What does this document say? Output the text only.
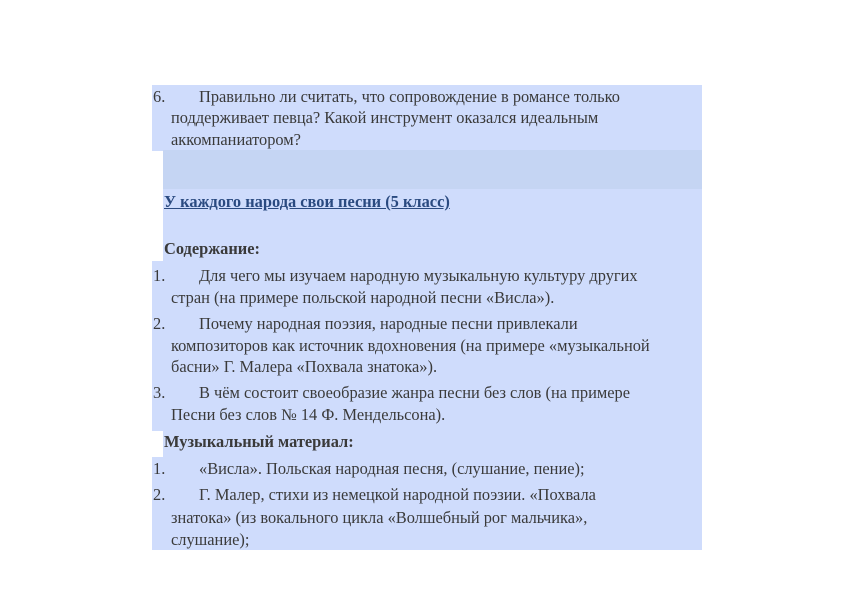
6. Правильно ли считать, что сопровождение в романсе только
поддерживает певца? Какой инструмент оказался идеальным
аккомпаниатором?
У каждого народа свои песни (5 класс)
Содержание:
1. Для чего мы изучаем народную музыкальную культуру других
стран (на примере польской народной песни «Висла»).
2. Почему народная поэзия, народные песни привлекали
композиторов как источник вдохновения (на примере «музыкальной
басни» Г. Малера «Похвала знатока»).
3. В чём состоит своеобразие жанра песни без слов (на примере
Песни без слов № 14 Ф. Мендельсона).
Музыкальный материал:
1. «Висла». Польская народная песня, (слушание, пение);
2. Г. Малер, стихи из немецкой народной поэзии. «Похвала
знатока» (из вокального цикла «Волшебный рог мальчика»,
слушание);
